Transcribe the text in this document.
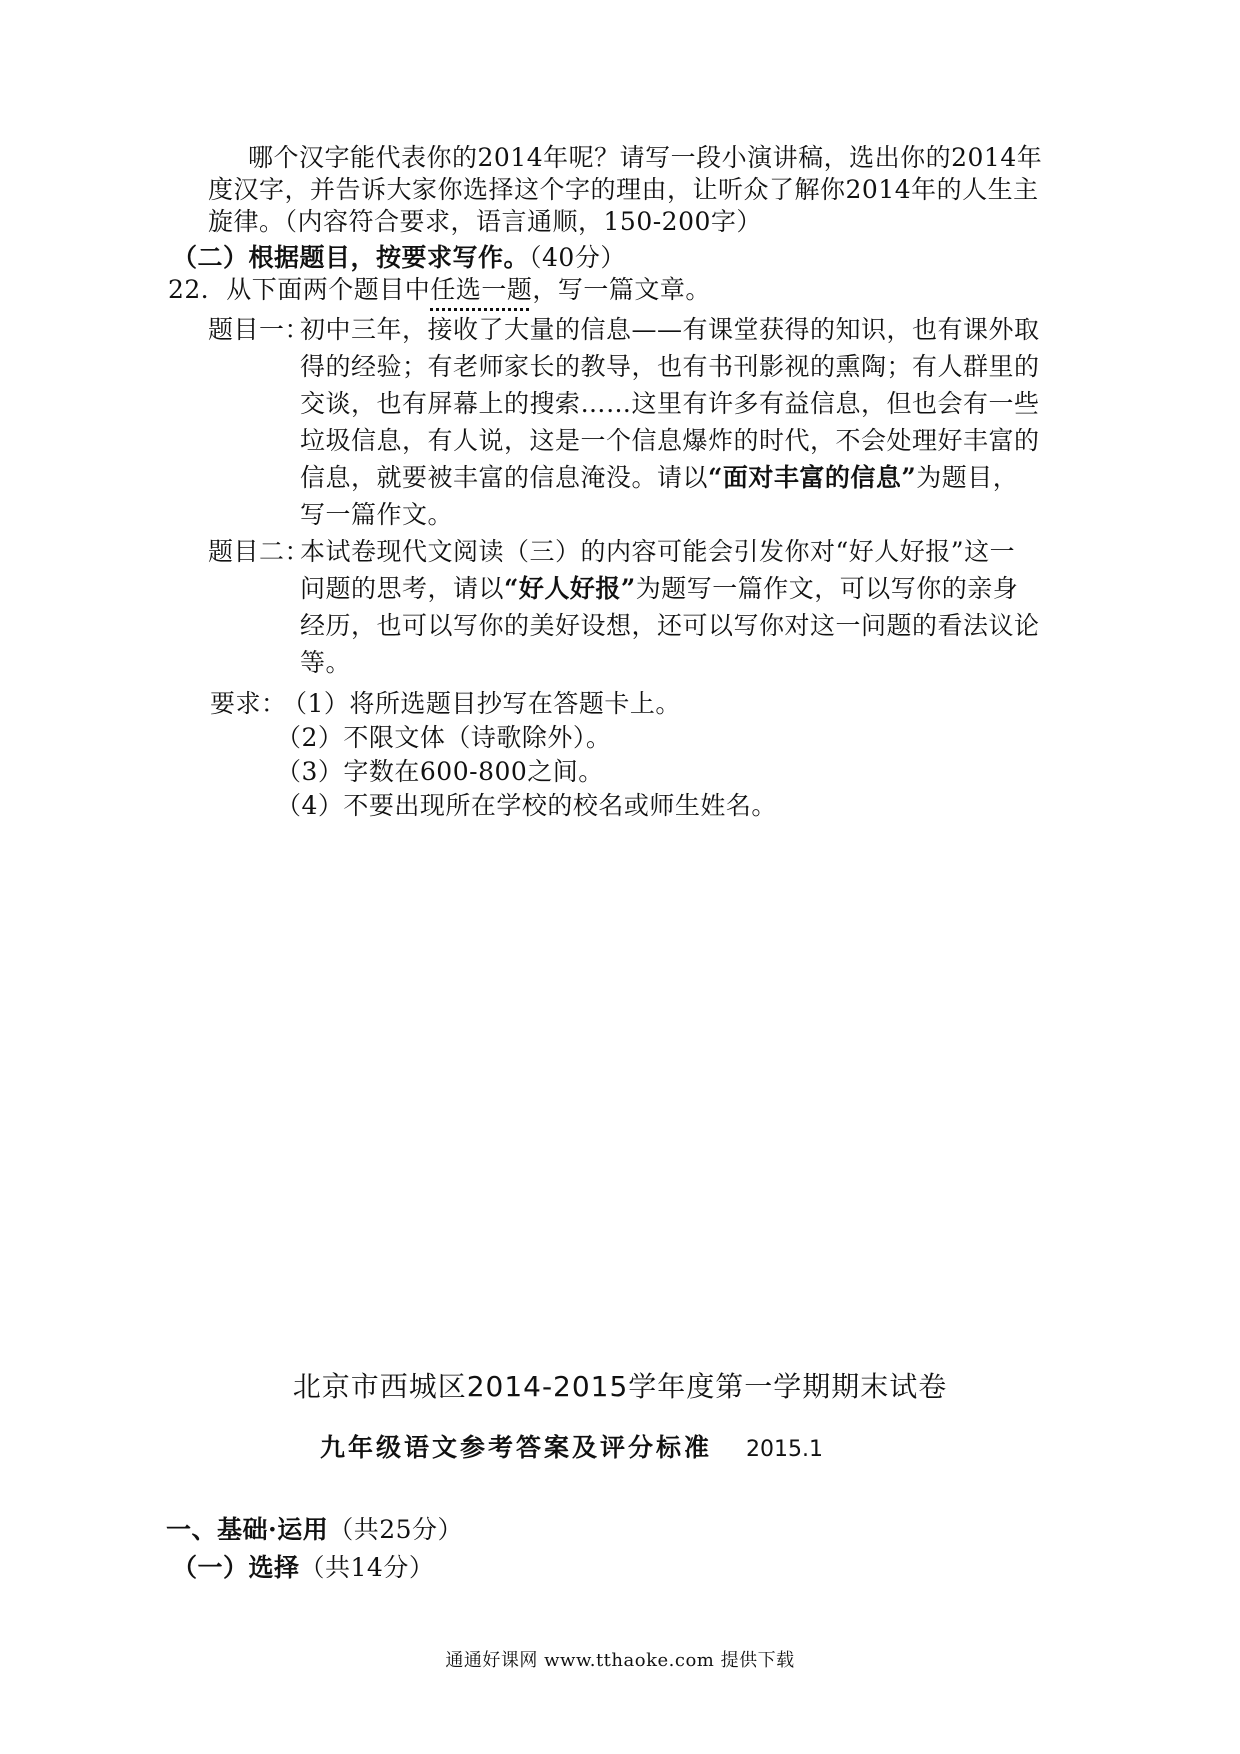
哪个汉字能代表你的2014年呢？请写一段小演讲稿，选出你的2014年
度汉字，并告诉大家你选择这个字的理由，让听众了解你2014年的人生主
旋律。（内容符合要求，语言通顺，150-200字）
（二）根据题目，按要求写作。（40分）
22．从下面两个题目中任选一题，写一篇文章。
题目一：
初中三年，接收了大量的信息——有课堂获得的知识，也有课外取
得的经验；有老师家长的教导，也有书刊影视的熏陶；有人群里的
交谈，也有屏幕上的搜索……这里有许多有益信息，但也会有一些
垃圾信息，有人说，这是一个信息爆炸的时代，不会处理好丰富的
信息，就要被丰富的信息淹没。请以“面对丰富的信息”为题目，
写一篇作文。
题目二：
本试卷现代文阅读（三）的内容可能会引发你对“好人好报”这一
问题的思考，请以“好人好报”为题写一篇作文，可以写你的亲身
经历，也可以写你的美好设想，还可以写你对这一问题的看法议论
等。
要求：
（1）将所选题目抄写在答题卡上。
（2）不限文体（诗歌除外）。
（3）字数在600-800之间。
（4）不要出现所在学校的校名或师生姓名。
北京市西城区2014-2015学年度第一学期期末试卷
九年级语文参考答案及评分标准 2015.1
一、基础·运用（共25分）
（一）选择（共14分）
通通好课网 www.tthaoke.com 提供下载
